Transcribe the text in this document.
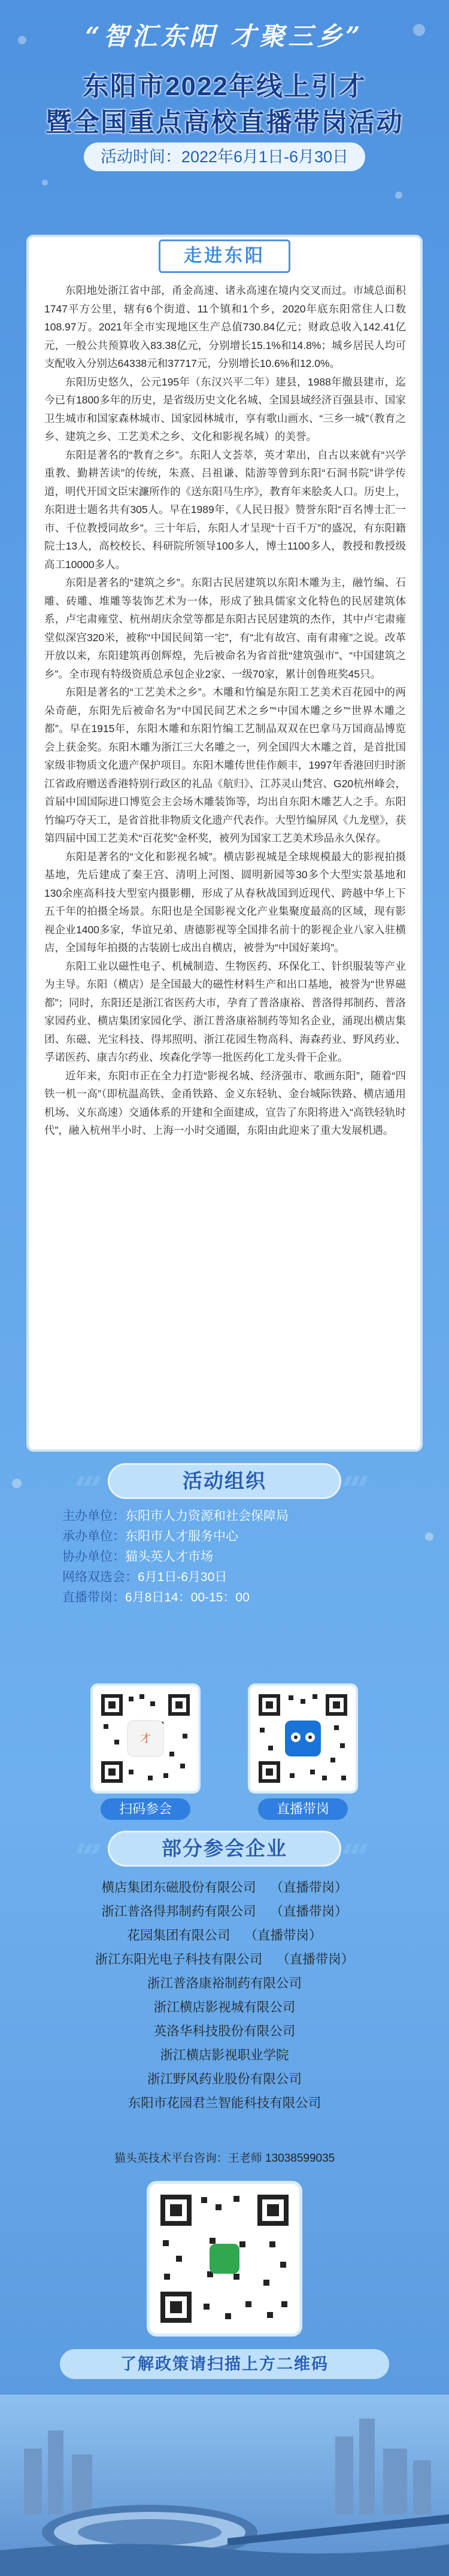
“智汇东阳 才聚三乡”
东阳市2022年线上引才
暨全国重点高校直播带岗活动
活动时间：2022年6月1日-6月30日
走进东阳

东阳地处浙江省中部，甬金高速、诸永高速在境内交叉而过。市域总面积1747平方公里，辖有6个街道、11个镇和1个乡，2020年底东阳常住人口数108.97万。2021年全市实现地区生产总值730.84亿元；财政总收入142.41亿元，一般公共预算收入83.38亿元，分别增长15.1%和14.8%；城乡居民人均可支配收入分别达64338元和37717元，分别增长10.6%和12.0%。

东阳历史悠久，公元195年（东汉兴平二年）建县，1988年撤县建市，迄今已有1800多年的历史，是省级历史文化名城、全国县域经济百强县市、国家卫生城市和国家森林城市、国家园林城市，享有歌山画水、“三乡一城”（教育之乡、建筑之乡、工艺美术之乡、文化和影视名城）的美誉。

东阳是著名的“教育之乡”。东阳人文荟萃，英才辈出，自古以来就有“兴学重教、勤耕苦读”的传统，朱熹、吕祖谦、陆游等曾到东阳“石洞书院”讲学传道，明代开国文臣宋濂所作的《送东阳马生序》，教育年来脍炙人口。历史上，东阳进士题名共有305人。早在1989年，《人民日报》赞誉东阳“百名博士汇一市、千位教授同故乡”。三十年后，东阳人才呈现“十百千万”的盛况，有东阳籍院士13人，高校校长、科研院所领导100多人，博士1100多人，教授和教授级高工10000多人。

东阳是著名的“建筑之乡”。东阳古民居建筑以东阳木雕为主，融竹编、石雕、砖雕、堆雕等装饰艺术为一体，形成了独具儒家文化特色的民居建筑体系，卢宅肃雍堂、杭州胡庆余堂等都是东阳古民居建筑的杰作，其中卢宅肃雍堂似深宫320米，被称“中国民间第一宅”，有“北有故宫、南有肃雍”之说。改革开放以来，东阳建筑再创辉煌，先后被命名为省首批“建筑强市”、“中国建筑之乡”。全市现有特级资质总承包企业2家、一级70家，累计创鲁班奖45只。

东阳是著名的“工艺美术之乡”。木雕和竹编是东阳工艺美术百花园中的两朵奇葩，东阳先后被命名为“中国民间艺术之乡”“中国木雕之乡”“世界木雕之都”。早在1915年，东阳木雕和东阳竹编工艺制品双双在巴拿马万国商品博览会上获金奖。东阳木雕为浙江三大名雕之一，列全国四大木雕之首，是首批国家级非物质文化遗产保护项目。东阳木雕传世佳作颇丰，1997年香港回归时浙江省政府赠送香港特别行政区的礼品《航归》、江苏灵山梵宫、G20杭州峰会，首届中国国际进口博览会主会场木雕装饰等，均出自东阳木雕艺人之手。东阳竹编巧夺天工，是省首批非物质文化遗产代表作。大型竹编屏风《九龙壁》，获第四届中国工艺美术“百花奖”金杯奖，被列为国家工艺美术珍品永久保存。

东阳是著名的“文化和影视名城”。横店影视城是全球规模最大的影视拍摄基地，先后建成了秦王宫、清明上河图、圆明新园等30多个大型实景基地和130余座高科技大型室内摄影棚，形成了从春秋战国到近现代、跨越中华上下五千年的拍摄全场景。东阳也是全国影视文化产业集聚度最高的区域，现有影视企业1400多家，华谊兄弟、唐德影视等全国排名前十的影视企业八家入驻横店，全国每年拍摄的古装剧七成出自横店，被誉为“中国好莱坞”。

东阳工业以磁性电子、机械制造、生物医药、环保化工、针织服装等产业为主导。东阳（横店）是全国最大的磁性材料生产和出口基地，被誉为“世界磁都”；同时，东阳还是浙江省医药大市，孕育了普洛康裕、普洛得邦制药、普洛家园药业、横店集团家园化学、浙江普洛康裕制药等知名企业，涌现出横店集团、东磁、光宝科技、得邦照明、浙江花园生物高科、海森药业、野风药业、孚诺医药、康吉尔药业、埃森化学等一批医药化工龙头骨干企业。

近年来，东阳市正在全力打造“影视名城、经济强市、歌画东阳”，随着“四铁一机一高”（即杭温高铁、金甬铁路、金义东轻轨、金台城际铁路、横店通用机场、义东高速）交通体系的开建和全面建成，宣告了东阳将进入“高铁轻轨时代”，融入杭州半小时、上海一小时交通圈，东阳由此迎来了重大发展机遇。

活动组织
主办单位：东阳市人力资源和社会保障局
承办单位：东阳市人才服务中心
协办单位：猫头英人才市场
网络双选会：6月1日-6月30日
直播带岗：6月8日14：00-15：00
才
扫码参会	直播带岗
部分参会企业
横店集团东磁股份有限公司 （直播带岗）
浙江普洛得邦制药有限公司 （直播带岗）
花园集团有限公司 （直播带岗）
浙江东阳光电子科技有限公司 （直播带岗）
浙江普洛康裕制药有限公司
浙江横店影视城有限公司
英洛华科技股份有限公司
浙江横店影视职业学院
浙江野风药业股份有限公司
东阳市花园君兰智能科技有限公司
猫头英技术平台咨询：王老师 13038599035
了解政策请扫描上方二维码
